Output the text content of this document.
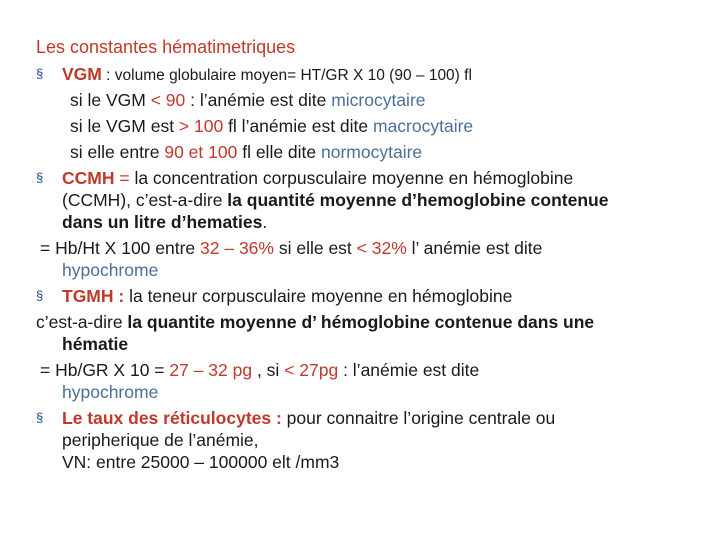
Les constantes hématimetriques
§ VGM : volume globulaire moyen= HT/GR X 10 (90 – 100) fl
si le VGM < 90 : l’anémie est dite microcytaire
si le VGM est > 100 fl l’anémie est dite macrocytaire
si elle entre 90 et 100 fl elle dite normocytaire
§ CCMH = la concentration corpusculaire moyenne en hémoglobine
(CCMH), c’est-a-dire la quantité moyenne d’hemoglobine contenue
dans un litre d’hematies.
= Hb/Ht X 100 entre 32 – 36% si elle est < 32% l’ anémie est dite
hypochrome
§ TGMH : la teneur corpusculaire moyenne en hémoglobine
c’est-a-dire la quantite moyenne d’ hémoglobine contenue dans une
hématie
= Hb/GR X 10 = 27 – 32 pg , si < 27pg : l’anémie est dite
hypochrome
§ Le taux des réticulocytes : pour connaitre l’origine centrale ou
peripherique de l’anémie,
VN: entre 25000 – 100000 elt /mm3
